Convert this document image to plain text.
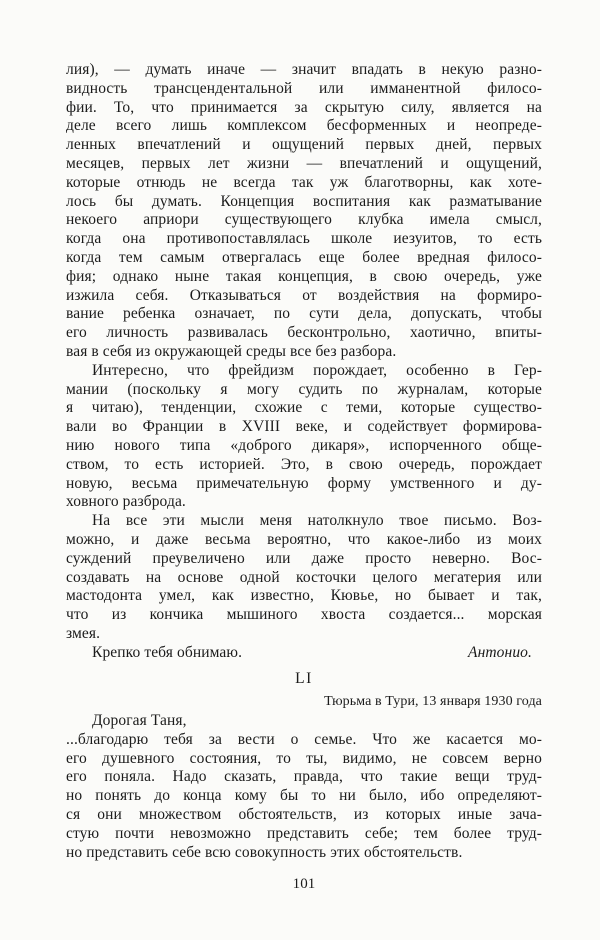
лия), — думать иначе — значит впадать в некую разно-
видность трансцендентальной или имманентной филосо-
фии. То, что принимается за скрытую силу, является на
деле всего лишь комплексом бесформенных и неопреде-
ленных впечатлений и ощущений первых дней, первых
месяцев, первых лет жизни — впечатлений и ощущений,
которые отнюдь не всегда так уж благотворны, как хоте-
лось бы думать. Концепция воспитания как разматывание
некоего априори существующего клубка имела смысл,
когда она противопоставлялась школе иезуитов, то есть
когда тем самым отвергалась еще более вредная филосо-
фия; однако ныне такая концепция, в свою очередь, уже
изжила себя. Отказываться от воздействия на формиро-
вание ребенка означает, по сути дела, допускать, чтобы
его личность развивалась бесконтрольно, хаотично, впиты-
вая в себя из окружающей среды все без разбора.

Интересно, что фрейдизм порождает, особенно в Гер-
мании (поскольку я могу судить по журналам, которые
я читаю), тенденции, схожие с теми, которые существо-
вали во Франции в XVIII веке, и содействует формирова-
нию нового типа «доброго дикаря», испорченного обще-
ством, то есть историей. Это, в свою очередь, порождает
новую, весьма примечательную форму умственного и ду-
ховного разброда.

На все эти мысли меня натолкнуло твое письмо. Воз-
можно, и даже весьма вероятно, что какое-либо из моих
суждений преувеличено или даже просто неверно. Вос-
создавать на основе одной косточки целого мегатерия или
мастодонта умел, как известно, Кювье, но бывает и так,
что из кончика мышиного хвоста создается... морская
змея.

Крепко тебя обнимаю.	Антонио.
LI
Тюрьма в Тури, 13 января 1930 года
Дорогая Таня,

...благодарю тебя за вести о семье. Что же касается мо-
его душевного состояния, то ты, видимо, не совсем верно
его поняла. Надо сказать, правда, что такие вещи труд-
но понять до конца кому бы то ни было, ибо определяют-
ся они множеством обстоятельств, из которых иные зача-
стую почти невозможно представить себе; тем более труд-
но представить себе всю совокупность этих обстоятельств.

101
